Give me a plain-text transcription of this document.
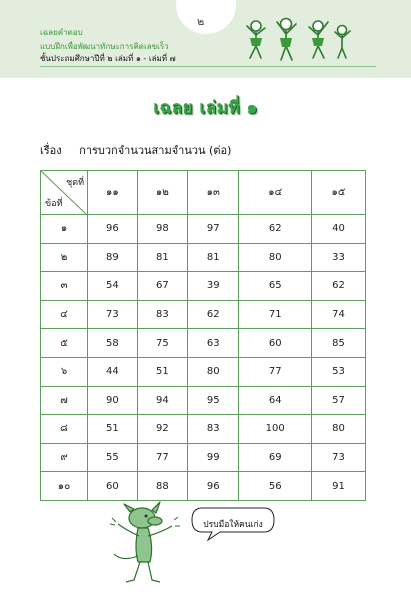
๒
เฉลยคำตอบ
แบบฝึกเพื่อพัฒนาทักษะการคิดเลขเร็ว
ชั้นประถมศึกษาปีที่ ๒ เล่มที่ ๑ - เล่มที่ ๗
เฉลย เล่มที่ ๑
เรื่อง การบวกจำนวนสามจำนวน (ต่อ)
ชุดที่
ข้อที่	๑๑	๑๒	๑๓	๑๔	๑๕
๑	96	98	97	62	40
๒	89	81	81	80	33
๓	54	67	39	65	62
๔	73	83	62	71	74
๕	58	75	63	60	85
๖	44	51	80	77	53
๗	90	94	95	64	57
๘	51	92	83	100	80
๙	55	77	99	69	73
๑๐	60	88	96	56	91
ปรบมือให้คนเก่ง
